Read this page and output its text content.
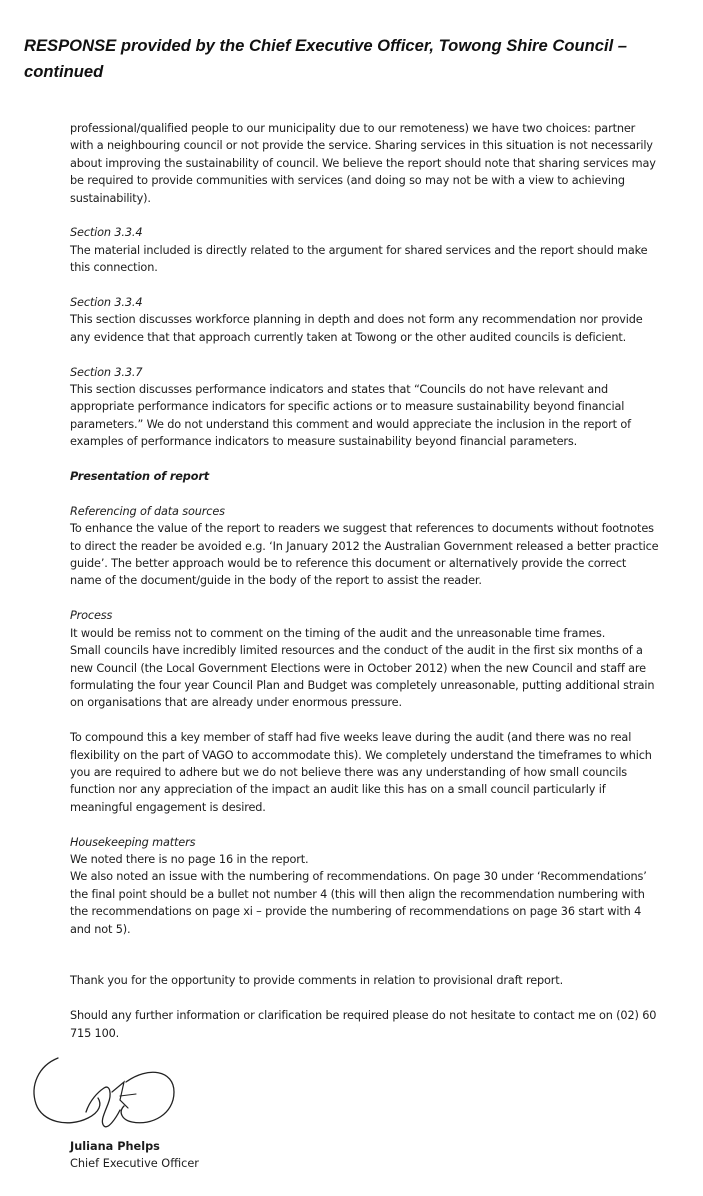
RESPONSE provided by the Chief Executive Officer, Towong Shire Council – continued

professional/qualified people to our municipality due to our remoteness) we have two choices: partner

with a neighbouring council or not provide the service. Sharing services in this situation is not necessarily

about improving the sustainability of council. We believe the report should note that sharing services may

be required to provide communities with services (and doing so may not be with a view to achieving

sustainability).

Section 3.3.4

The material included is directly related to the argument for shared services and the report should make

this connection.

Section 3.3.4

This section discusses workforce planning in depth and does not form any recommendation nor provide

any evidence that that approach currently taken at Towong or the other audited councils is deficient.

Section 3.3.7

This section discusses performance indicators and states that “Councils do not have relevant and

appropriate performance indicators for specific actions or to measure sustainability beyond financial

parameters.” We do not understand this comment and would appreciate the inclusion in the report of

examples of performance indicators to measure sustainability beyond financial parameters.

Presentation of report

Referencing of data sources

To enhance the value of the report to readers we suggest that references to documents without footnotes

to direct the reader be avoided e.g. ‘In January 2012 the Australian Government released a better practice

guide’. The better approach would be to reference this document or alternatively provide the correct

name of the document/guide in the body of the report to assist the reader.

Process

It would be remiss not to comment on the timing of the audit and the unreasonable time frames.

Small councils have incredibly limited resources and the conduct of the audit in the first six months of a

new Council (the Local Government Elections were in October 2012) when the new Council and staff are

formulating the four year Council Plan and Budget was completely unreasonable, putting additional strain

on organisations that are already under enormous pressure.

To compound this a key member of staff had five weeks leave during the audit (and there was no real

flexibility on the part of VAGO to accommodate this). We completely understand the timeframes to which

you are required to adhere but we do not believe there was any understanding of how small councils

function nor any appreciation of the impact an audit like this has on a small council particularly if

meaningful engagement is desired.

Housekeeping matters

We noted there is no page 16 in the report.

We also noted an issue with the numbering of recommendations. On page 30 under ‘Recommendations’

the final point should be a bullet not number 4 (this will then align the recommendation numbering with

the recommendations on page xi – provide the numbering of recommendations on page 36 start with 4

and not 5).

Thank you for the opportunity to provide comments in relation to provisional draft report.

Should any further information or clarification be required please do not hesitate to contact me on (02) 60

715 100.

Juliana Phelps

Chief Executive Officer
